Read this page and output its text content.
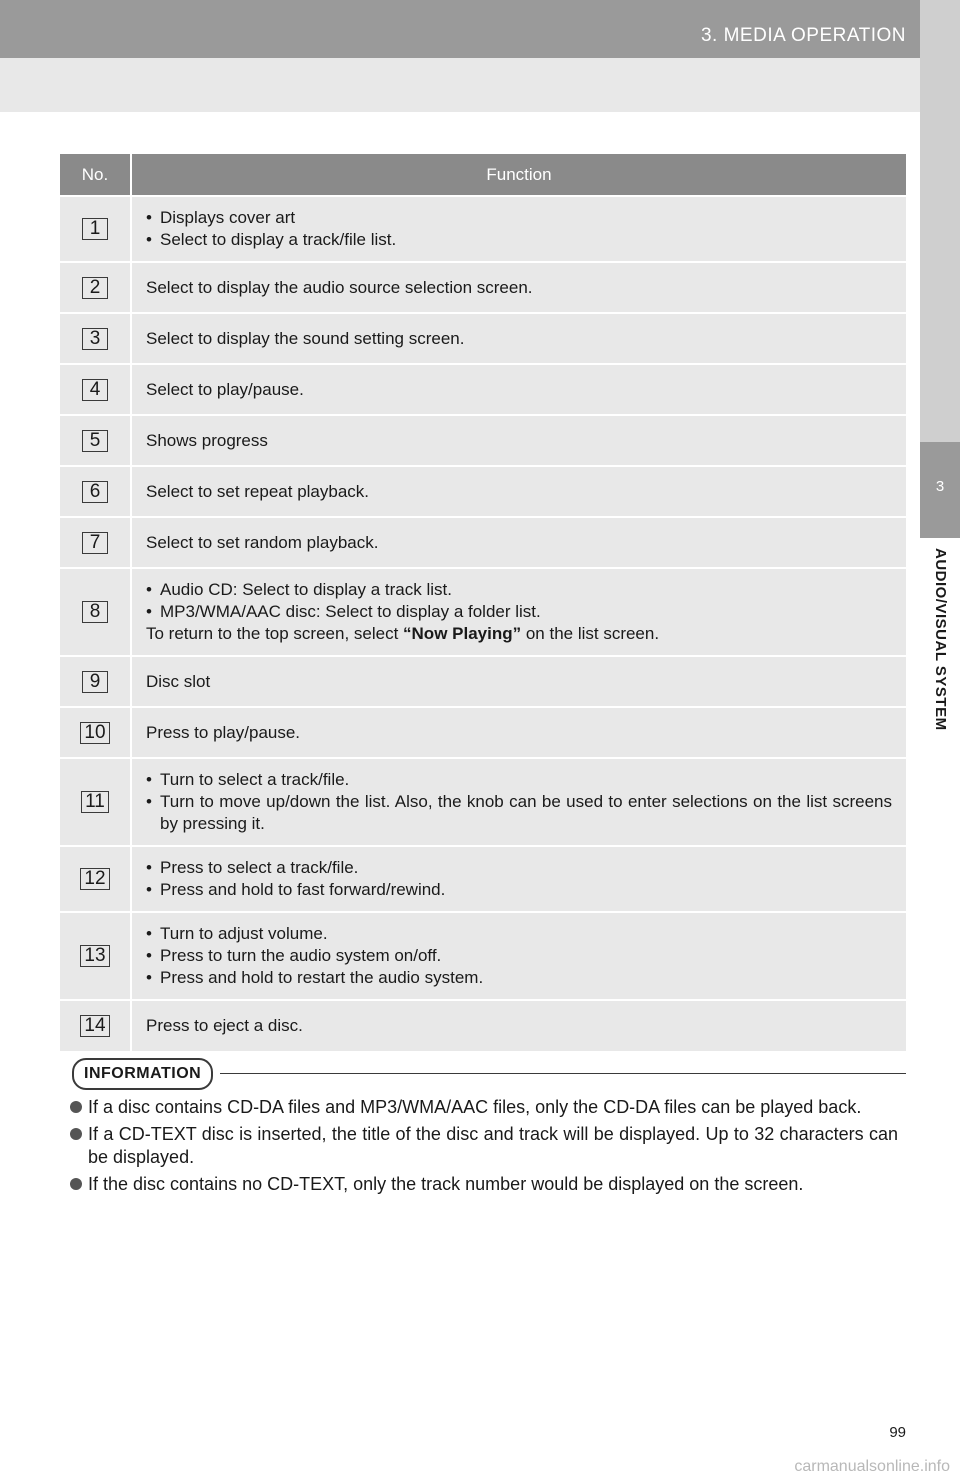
3. MEDIA OPERATION
3
AUDIO/VISUAL SYSTEM
No.	Function
1	• Displays cover art
• Select to display a track/file list.

2	Select to display the audio source selection screen.
3	Select to display the sound setting screen.
4	Select to play/pause.
5	Shows progress
6	Select to set repeat playback.
7	Select to set random playback.
8	• Audio CD: Select to display a track list.
• MP3/WMA/AAC disc: Select to display a folder list.
To return to the top screen, select “Now Playing” on the list screen.

9	Disc slot
10	Press to play/pause.
11	• Turn to select a track/file.
• Turn to move up/down the list. Also, the knob can be used to enter selections on the list screens by pressing it.

12	• Press to select a track/file.
• Press and hold to fast forward/rewind.

13	• Turn to adjust volume.
• Press to turn the audio system on/off.
• Press and hold to restart the audio system.

14	Press to eject a disc.
INFORMATION
If a disc contains CD-DA files and MP3/WMA/AAC files, only the CD-DA files can be played back.
If a CD-TEXT disc is inserted, the title of the disc and track will be displayed. Up to 32 characters can be displayed.
If the disc contains no CD-TEXT, only the track number would be displayed on the screen.
99
carmanualsonline.info
